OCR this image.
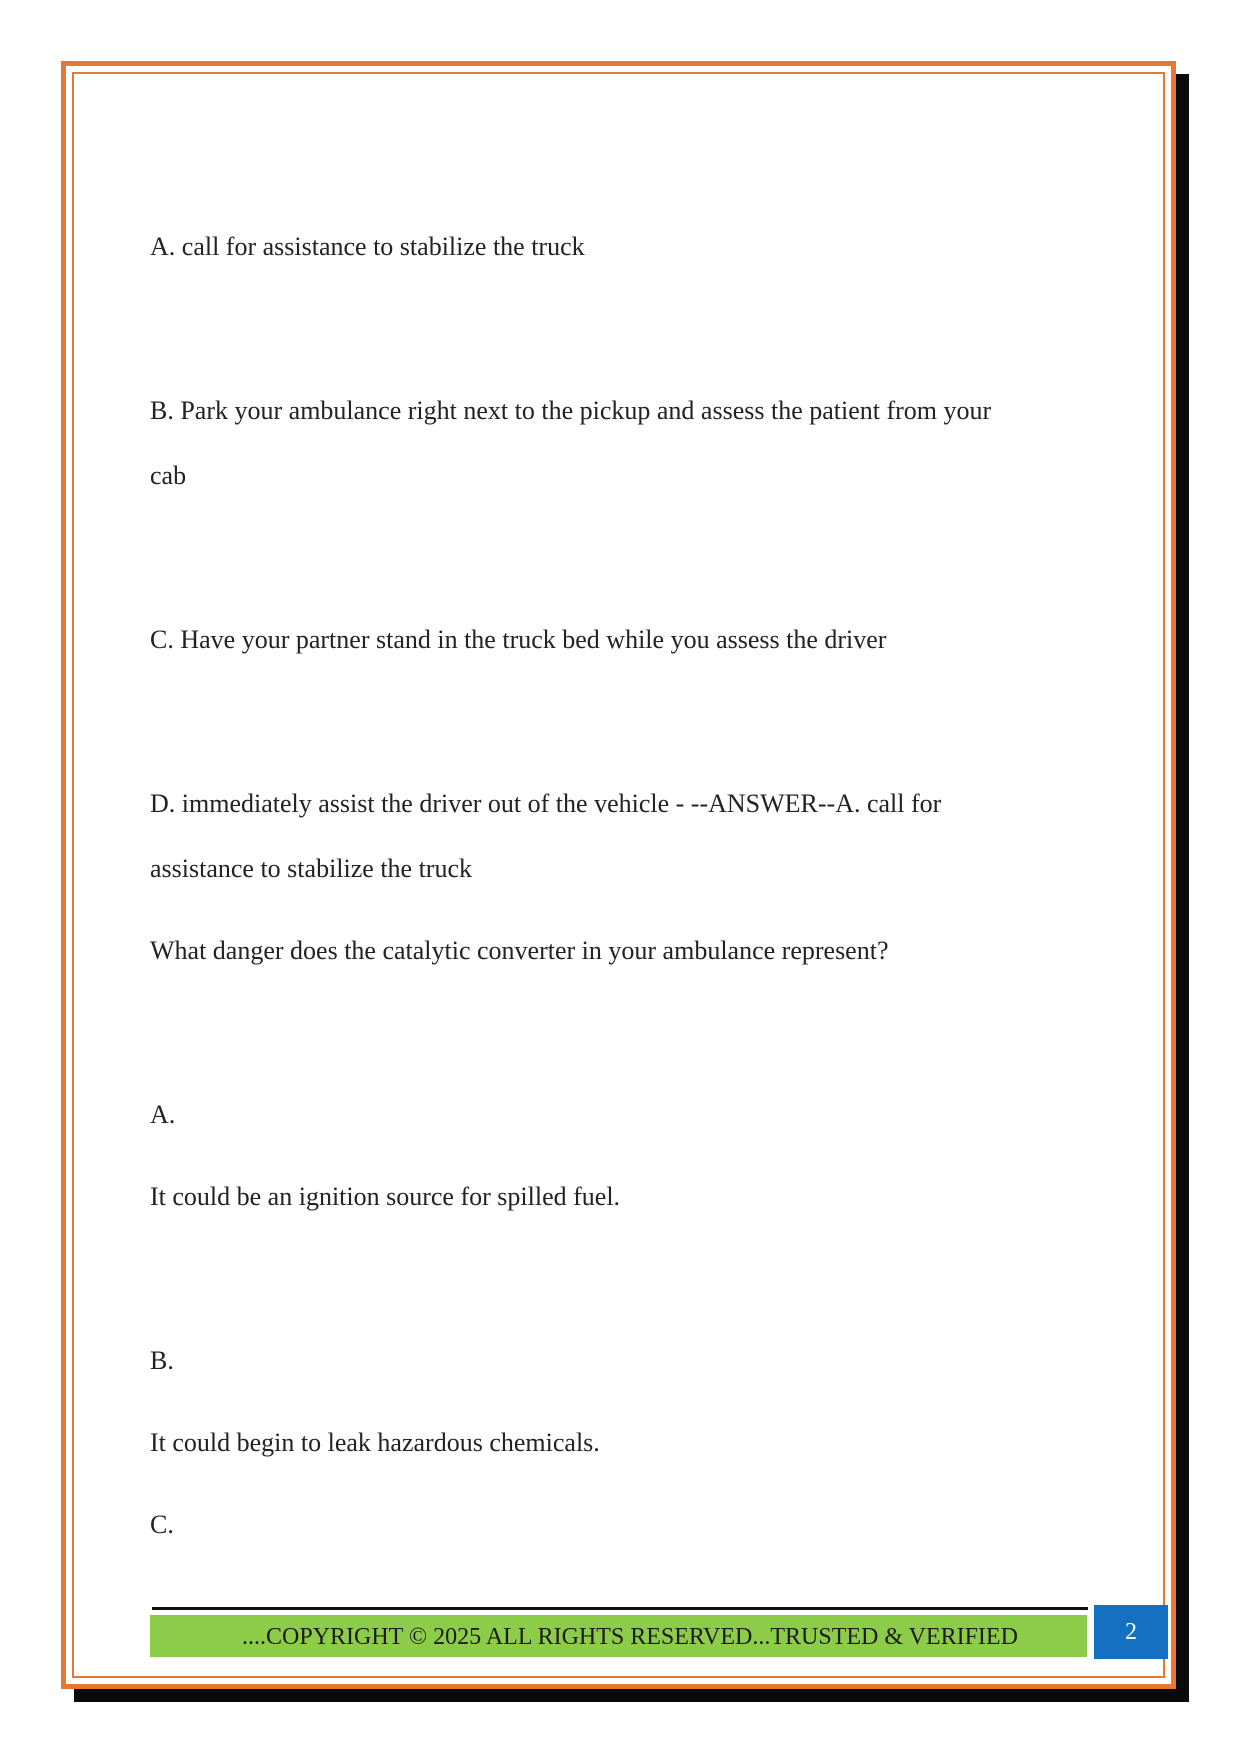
A. call for assistance to stabilize the truck

B. Park your ambulance right next to the pickup and assess the patient from your

cab

C. Have your partner stand in the truck bed while you assess the driver

D. immediately assist the driver out of the vehicle - --ANSWER--A. call for

assistance to stabilize the truck

What danger does the catalytic converter in your ambulance represent?

A.

It could be an ignition source for spilled fuel.

B.

It could begin to leak hazardous chemicals.

C.

....COPYRIGHT © 2025 ALL RIGHTS RESERVED...TRUSTED & VERIFIED	2
